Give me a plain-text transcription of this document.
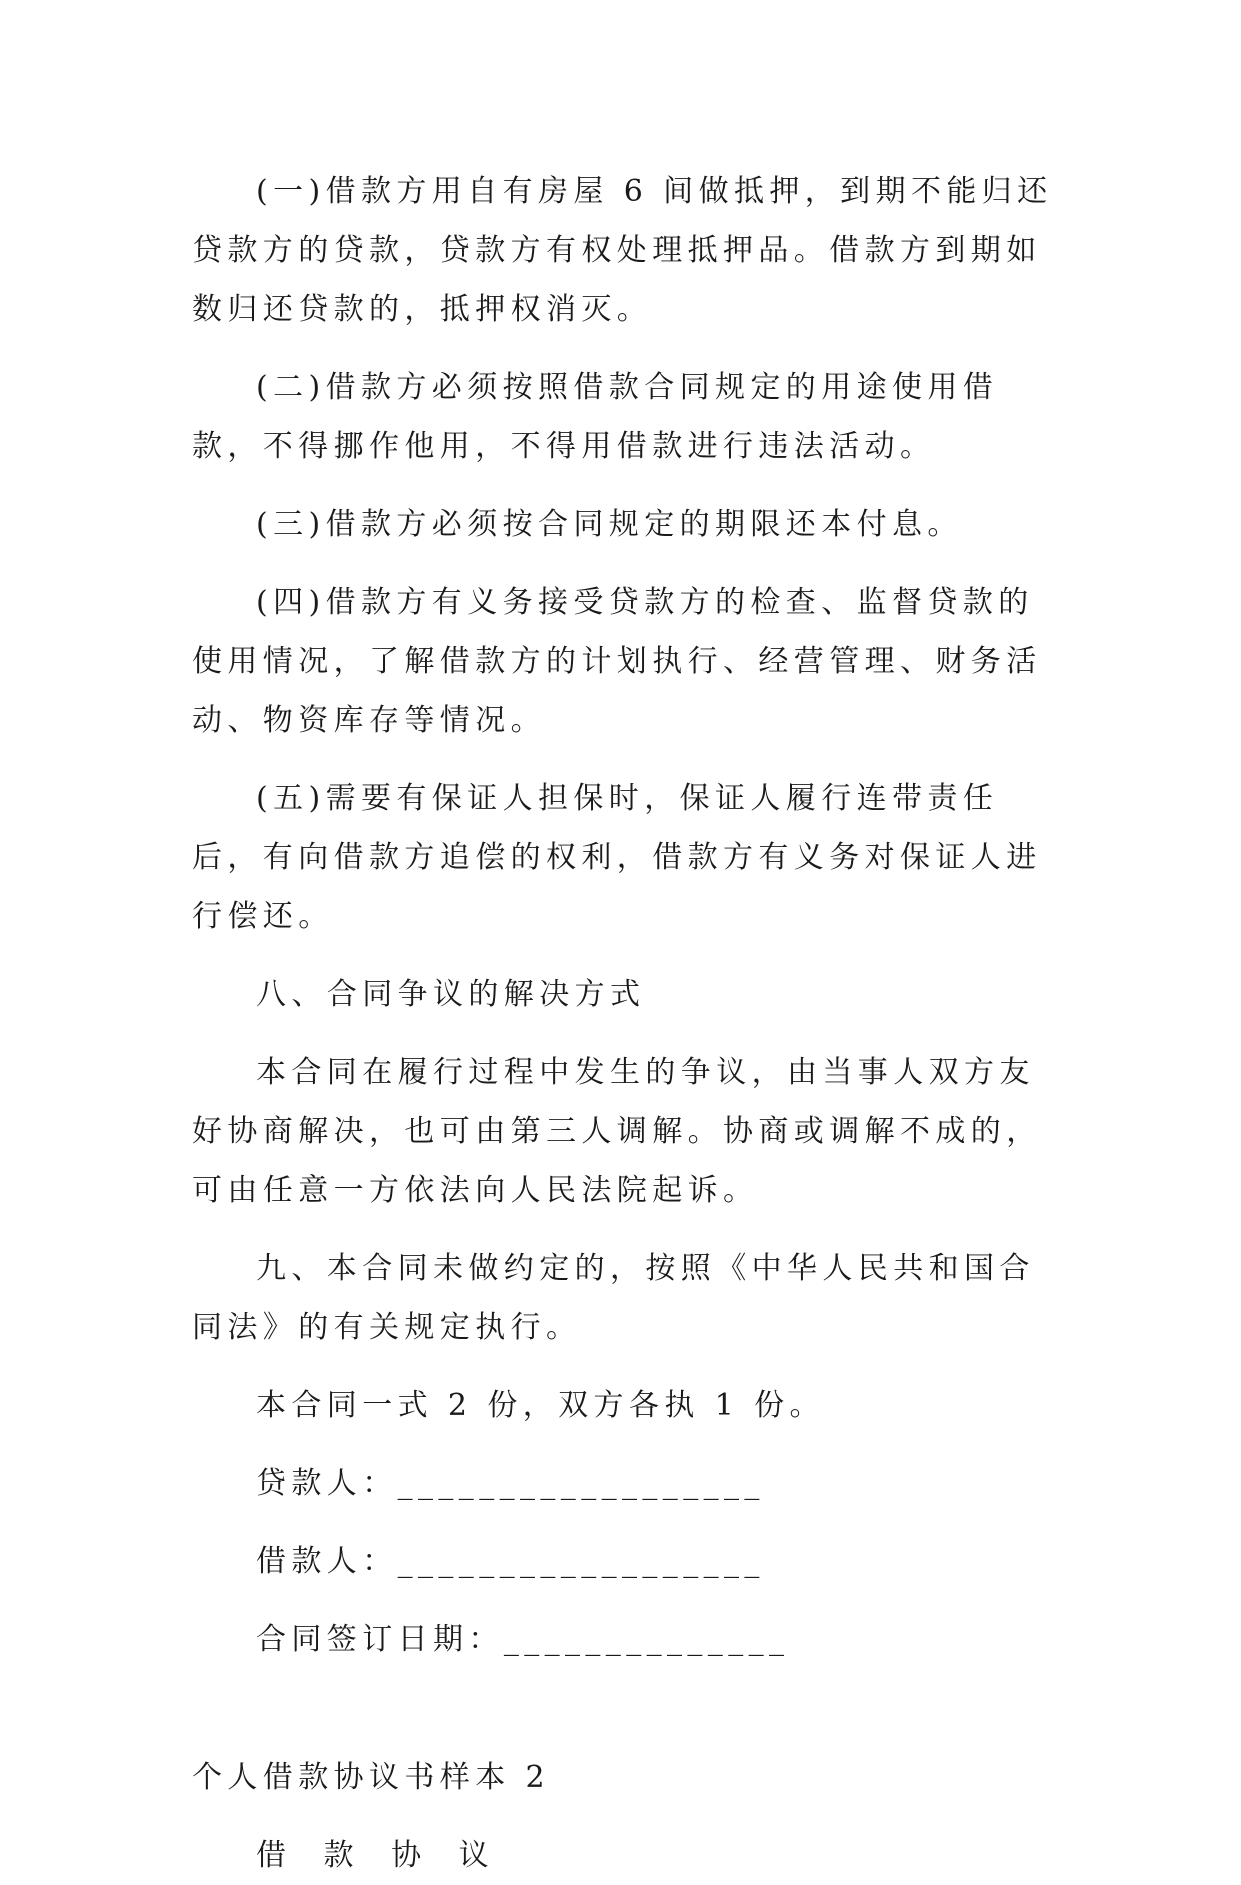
(一)借款方用自有房屋 6 间做抵押，到期不能归还贷款方的贷款，贷款方有权处理抵押品。借款方到期如数归还贷款的，抵押权消灭。

(二)借款方必须按照借款合同规定的用途使用借款，不得挪作他用，不得用借款进行违法活动。

(三)借款方必须按合同规定的期限还本付息。

(四)借款方有义务接受贷款方的检查、监督贷款的使用情况，了解借款方的计划执行、经营管理、财务活动、物资库存等情况。

(五)需要有保证人担保时，保证人履行连带责任后，有向借款方追偿的权利，借款方有义务对保证人进行偿还。

八、合同争议的解决方式

本合同在履行过程中发生的争议，由当事人双方友好协商解决，也可由第三人调解。协商或调解不成的，可由任意一方依法向人民法院起诉。

九、本合同未做约定的，按照《中华人民共和国合同法》的有关规定执行。

本合同一式 2 份，双方各执 1 份。

贷款人：__________________

借款人：__________________

合同签订日期：______________

个人借款协议书样本 2

借 款 协 议
